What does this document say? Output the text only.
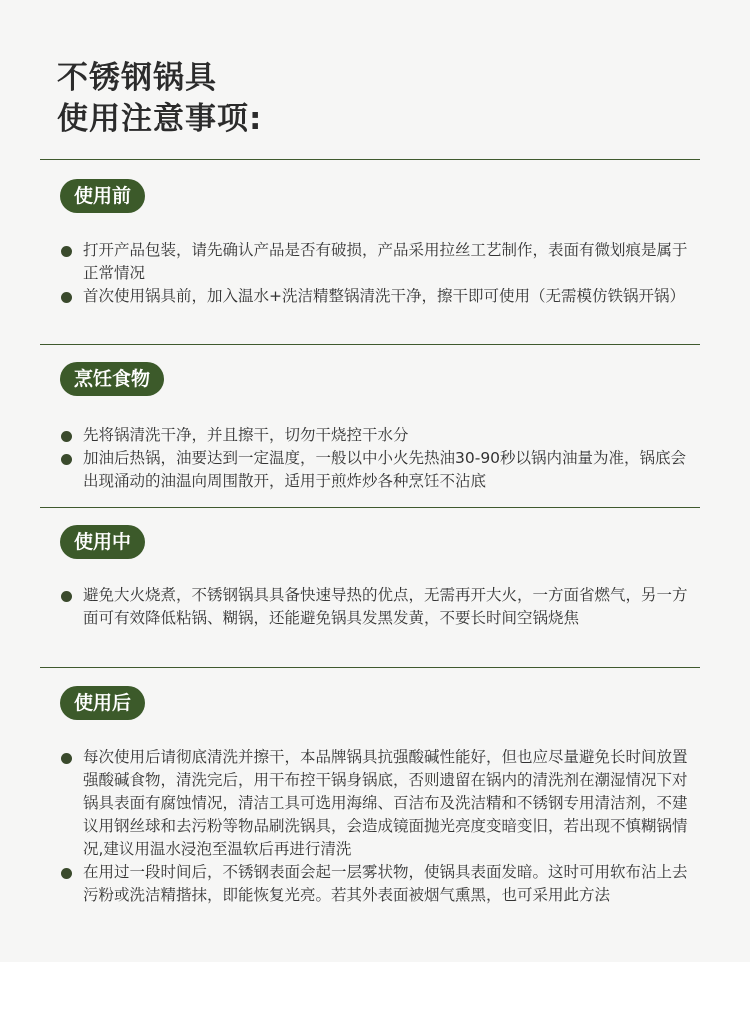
不锈钢锅具
使用注意事项:
使用前
打开产品包装，请先确认产品是否有破损，产品采用拉丝工艺制作，表面有微划痕是属于正常情况
首次使用锅具前，加入温水+洗洁精整锅清洗干净，擦干即可使用（无需模仿铁锅开锅）
烹饪食物
先将锅清洗干净，并且擦干，切勿干烧控干水分
加油后热锅，油要达到一定温度，一般以中小火先热油30-90秒以锅内油量为准，锅底会出现涌动的油温向周围散开，适用于煎炸炒各种烹饪不沾底
使用中
避免大火烧煮，不锈钢锅具具备快速导热的优点，无需再开大火，一方面省燃气，另一方面可有效降低粘锅、糊锅，还能避免锅具发黑发黄，不要长时间空锅烧焦
使用后
每次使用后请彻底清洗并擦干，本品牌锅具抗强酸碱性能好，但也应尽量避免长时间放置强酸碱食物，清洗完后，用干布控干锅身锅底，否则遗留在锅内的清洗剂在潮湿情况下对锅具表面有腐蚀情况，清洁工具可选用海绵、百洁布及洗洁精和不锈钢专用清洁剂，不建议用钢丝球和去污粉等物品刷洗锅具，会造成镜面抛光亮度变暗变旧，若出现不慎糊锅情况,建议用温水浸泡至温软后再进行清洗
在用过一段时间后，不锈钢表面会起一层雾状物，使锅具表面发暗。这时可用软布沾上去污粉或洗洁精揩抹，即能恢复光亮。若其外表面被烟气熏黑，也可采用此方法
